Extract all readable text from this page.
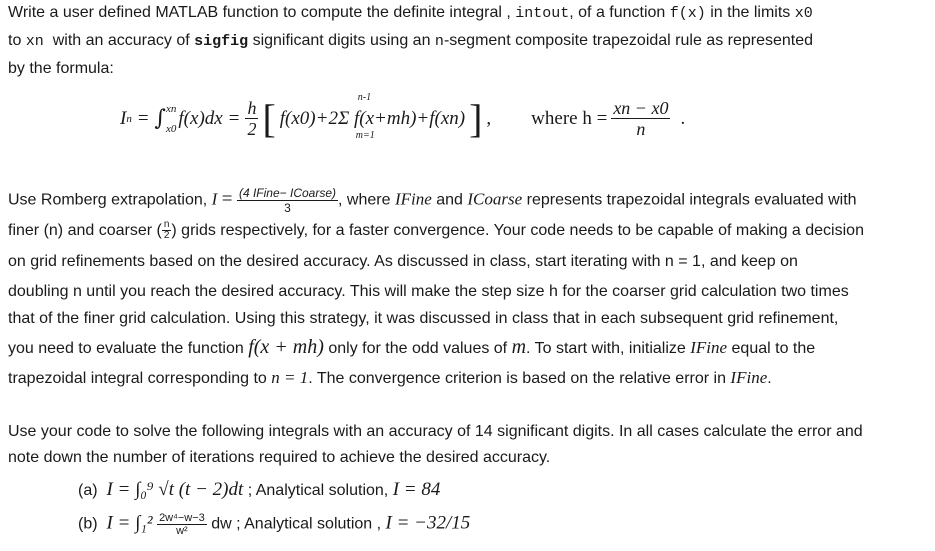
Write a user defined MATLAB function to compute the definite integral , intout, of a function f(x) in the limits x0
to xn with an accuracy of sigfig significant digits using an n-segment composite trapezoidal rule as represented
by the formula:
I n = ∫ xn
x0 $f(x)dx = \frac{h}{2}$ [ f(x0)+2Σ f(x+mh)+f(xn)
n-1
m=1 ] , where $h = \frac{xn - x0}{n}$ .
Use Romberg extrapolation, $I = \frac{\text{(4 IFine− ICoarse)}}{3}$ , where IFine and ICoarse represents trapezoidal integrals evaluated with
finer (n) and coarser ( $\frac{n}{2}$ ) grids respectively, for a faster convergence. Your code needs to be capable of making a decision
on grid refinements based on the desired accuracy. As discussed in class, start iterating with n = 1, and keep on
doubling n until you reach the desired accuracy. This will make the step size h for the coarser grid calculation two times
that of the finer grid calculation. Using this strategy, it was discussed in class that in each subsequent grid refinement,
you need to evaluate the function f(x + mh) only for the odd values of m. To start with, initialize IFine equal to the
trapezoidal integral corresponding to n = 1. The convergence criterion is based on the relative error in IFine.
Use your code to solve the following integrals with an accuracy of 14 significant digits. In all cases calculate the error and
note down the number of iterations required to achieve the desired accuracy.
(a) I = ∫₀⁹ √t (t − 2)dt ; Analytical solution, I = 84
(b) $I = \int_1^2 \frac{\text{2w⁴−w−3}}{\text{w²}}$ dw ; Analytical solution , I = −32/15
